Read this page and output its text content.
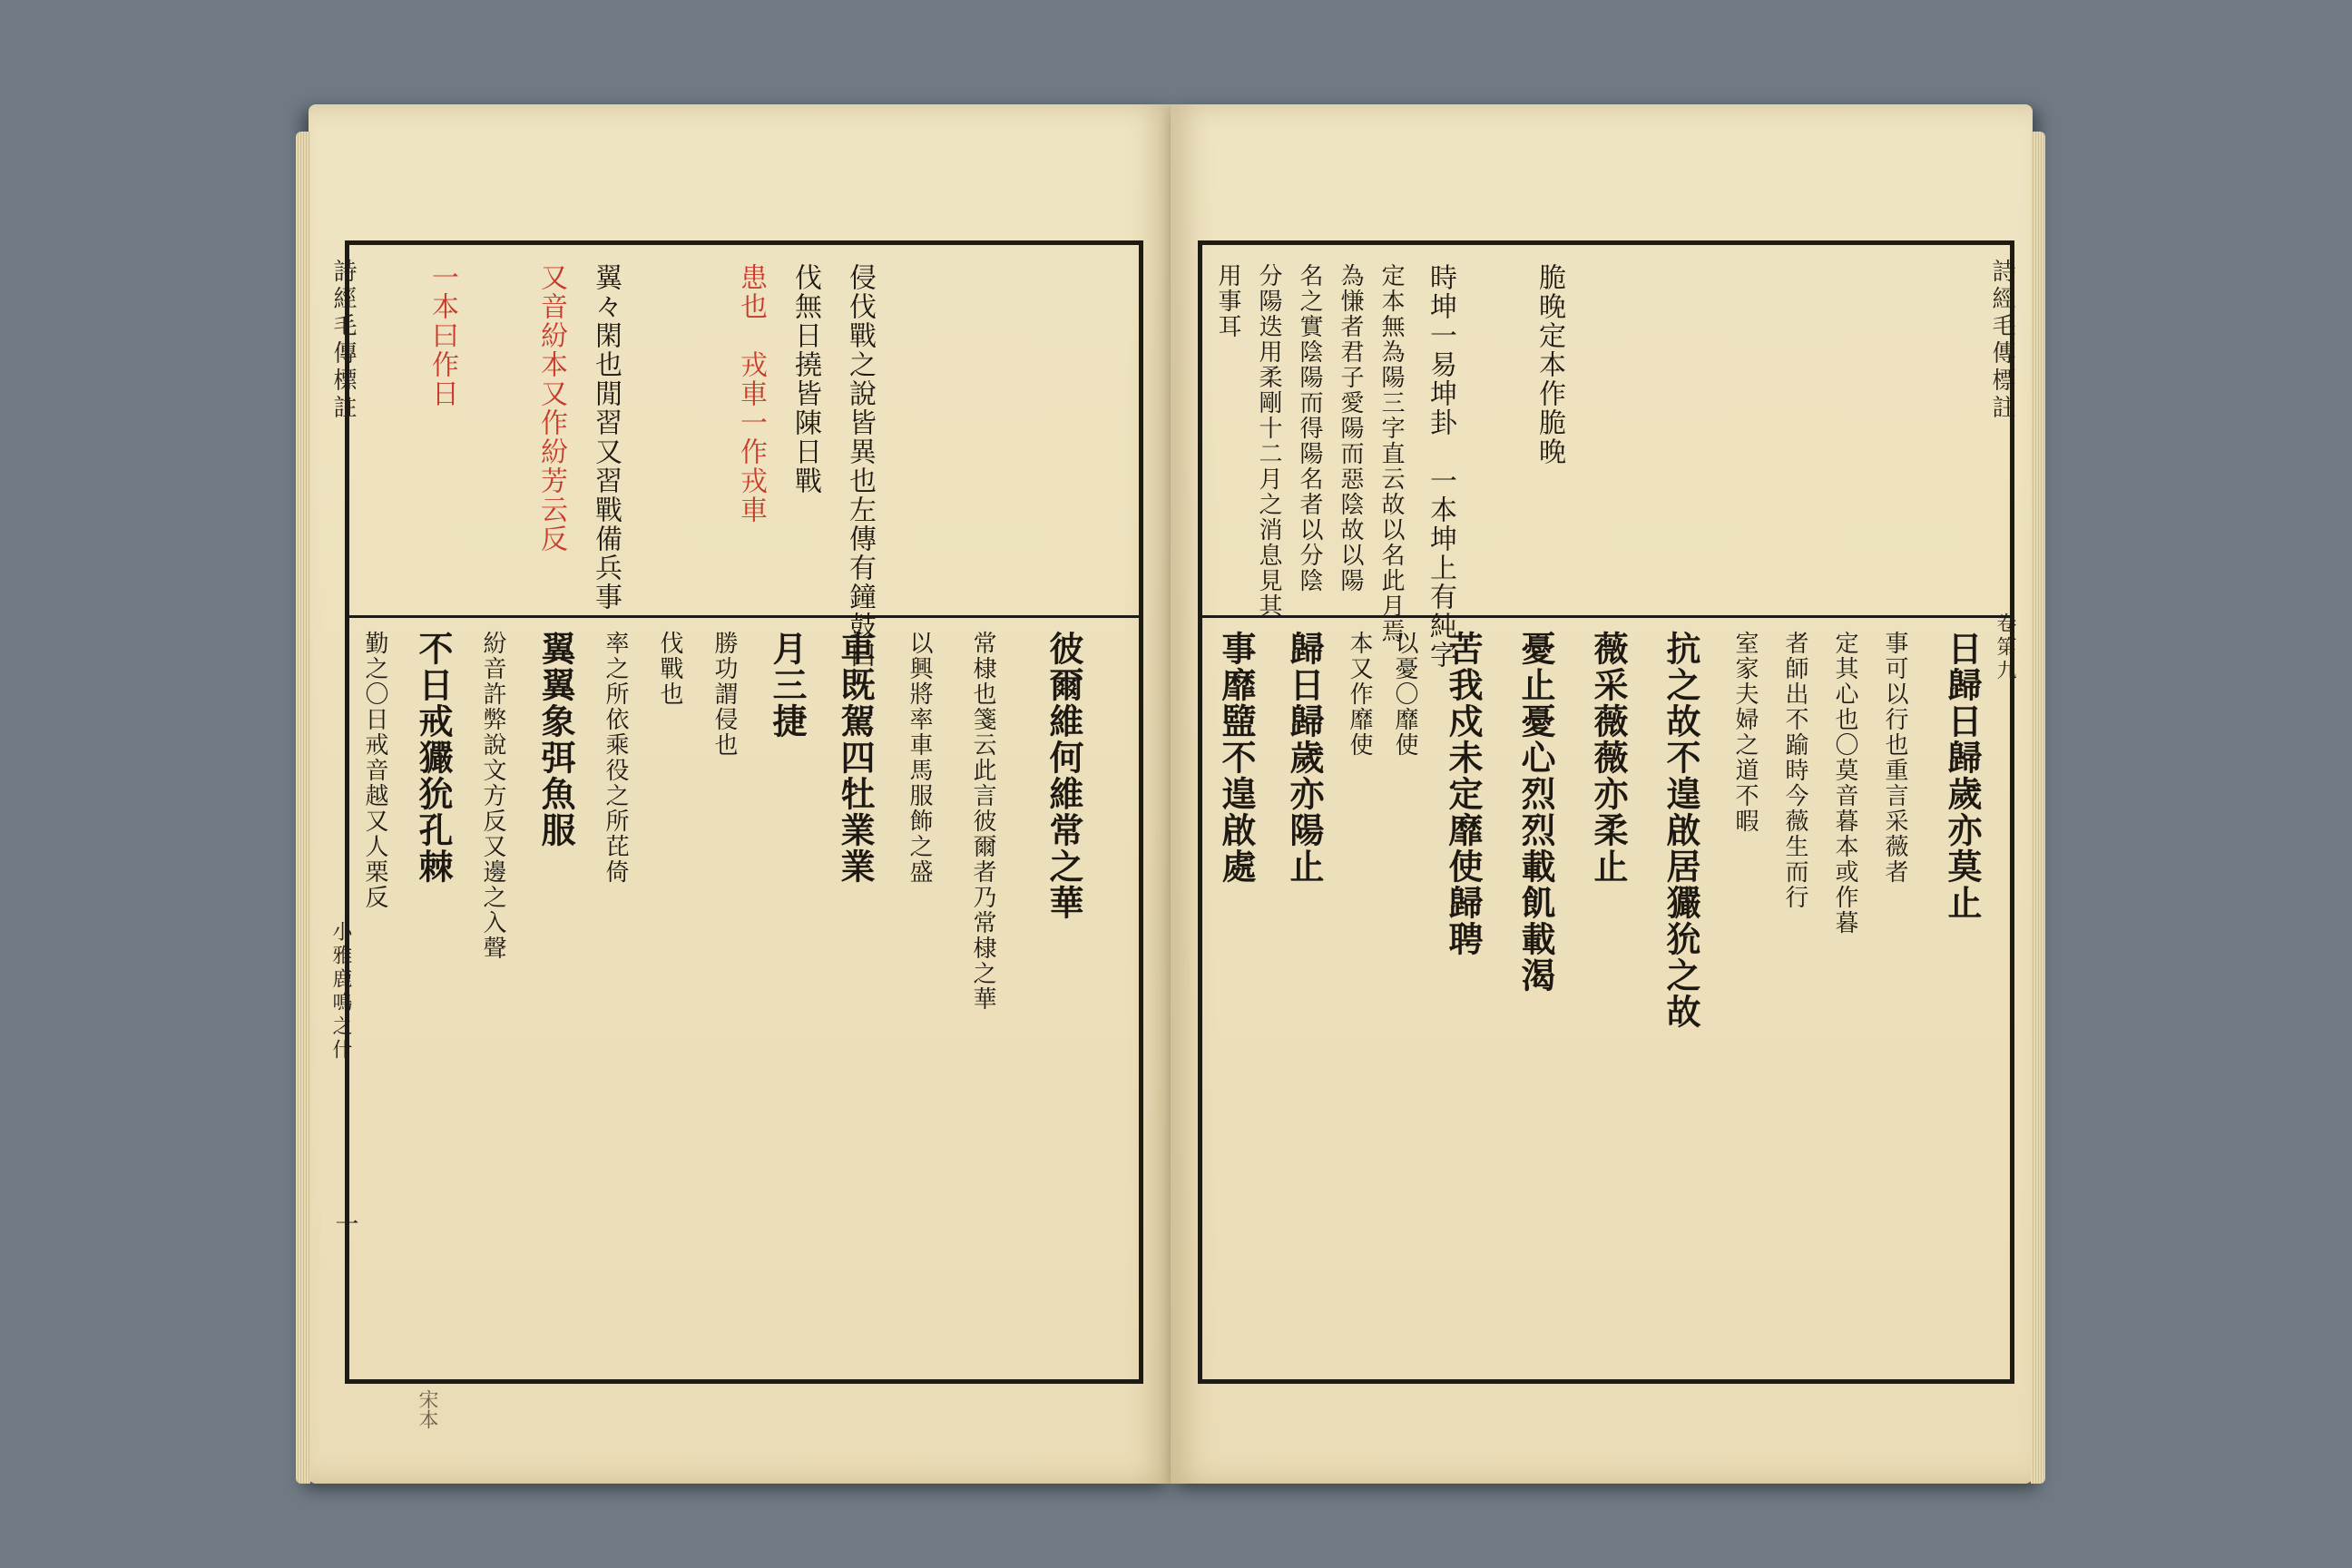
詩經毛傳標註
小雅鹿鳴之什
一
一本曰作日	又音紛本又作紛芳云反 翼々閑也閒習又習戰備兵事	患也　戎車一作戎車 伐無日撓皆陳日戰 侵伐戰之說皆異也左傳有鐘鼓曰
勤之〇日戒音越又人栗反 不日戒玁狁孔棘 紛音許弊說文方反又邊之入聲 翼翼象弭魚服 率之所依乘役之所芘倚 伐戰也 勝功謂侵也 月三捷 車既駕四牡業業 以興將率車馬服飾之盛 常棣也箋云此言彼爾者乃常棣之華 彼爾維何維常之華
宋本
詩經毛傳標註
卷第九
脆晚定本作脆晚
時坤一易坤卦　一本坤上有純字
定本無為陽三字直云故以名此月焉
為慊者君子愛陽而惡陰故以陽
名之實陰陽而得陽名者以分陰
分陽迭用柔剛十二月之消息見其
用事耳
事靡盬不遑啟處 歸日歸歲亦陽止 本又作靡使 以憂〇靡使 苦我戍未定靡使歸聘 憂止憂心烈烈載飢載渴 薇采薇薇亦柔止 抗之故不遑啟居玁狁之故 室家夫婦之道不暇 者師出不踰時今薇生而行 定其心也〇莫音暮本或作暮 事可以行也重言采薇者 日歸日歸歲亦莫止
